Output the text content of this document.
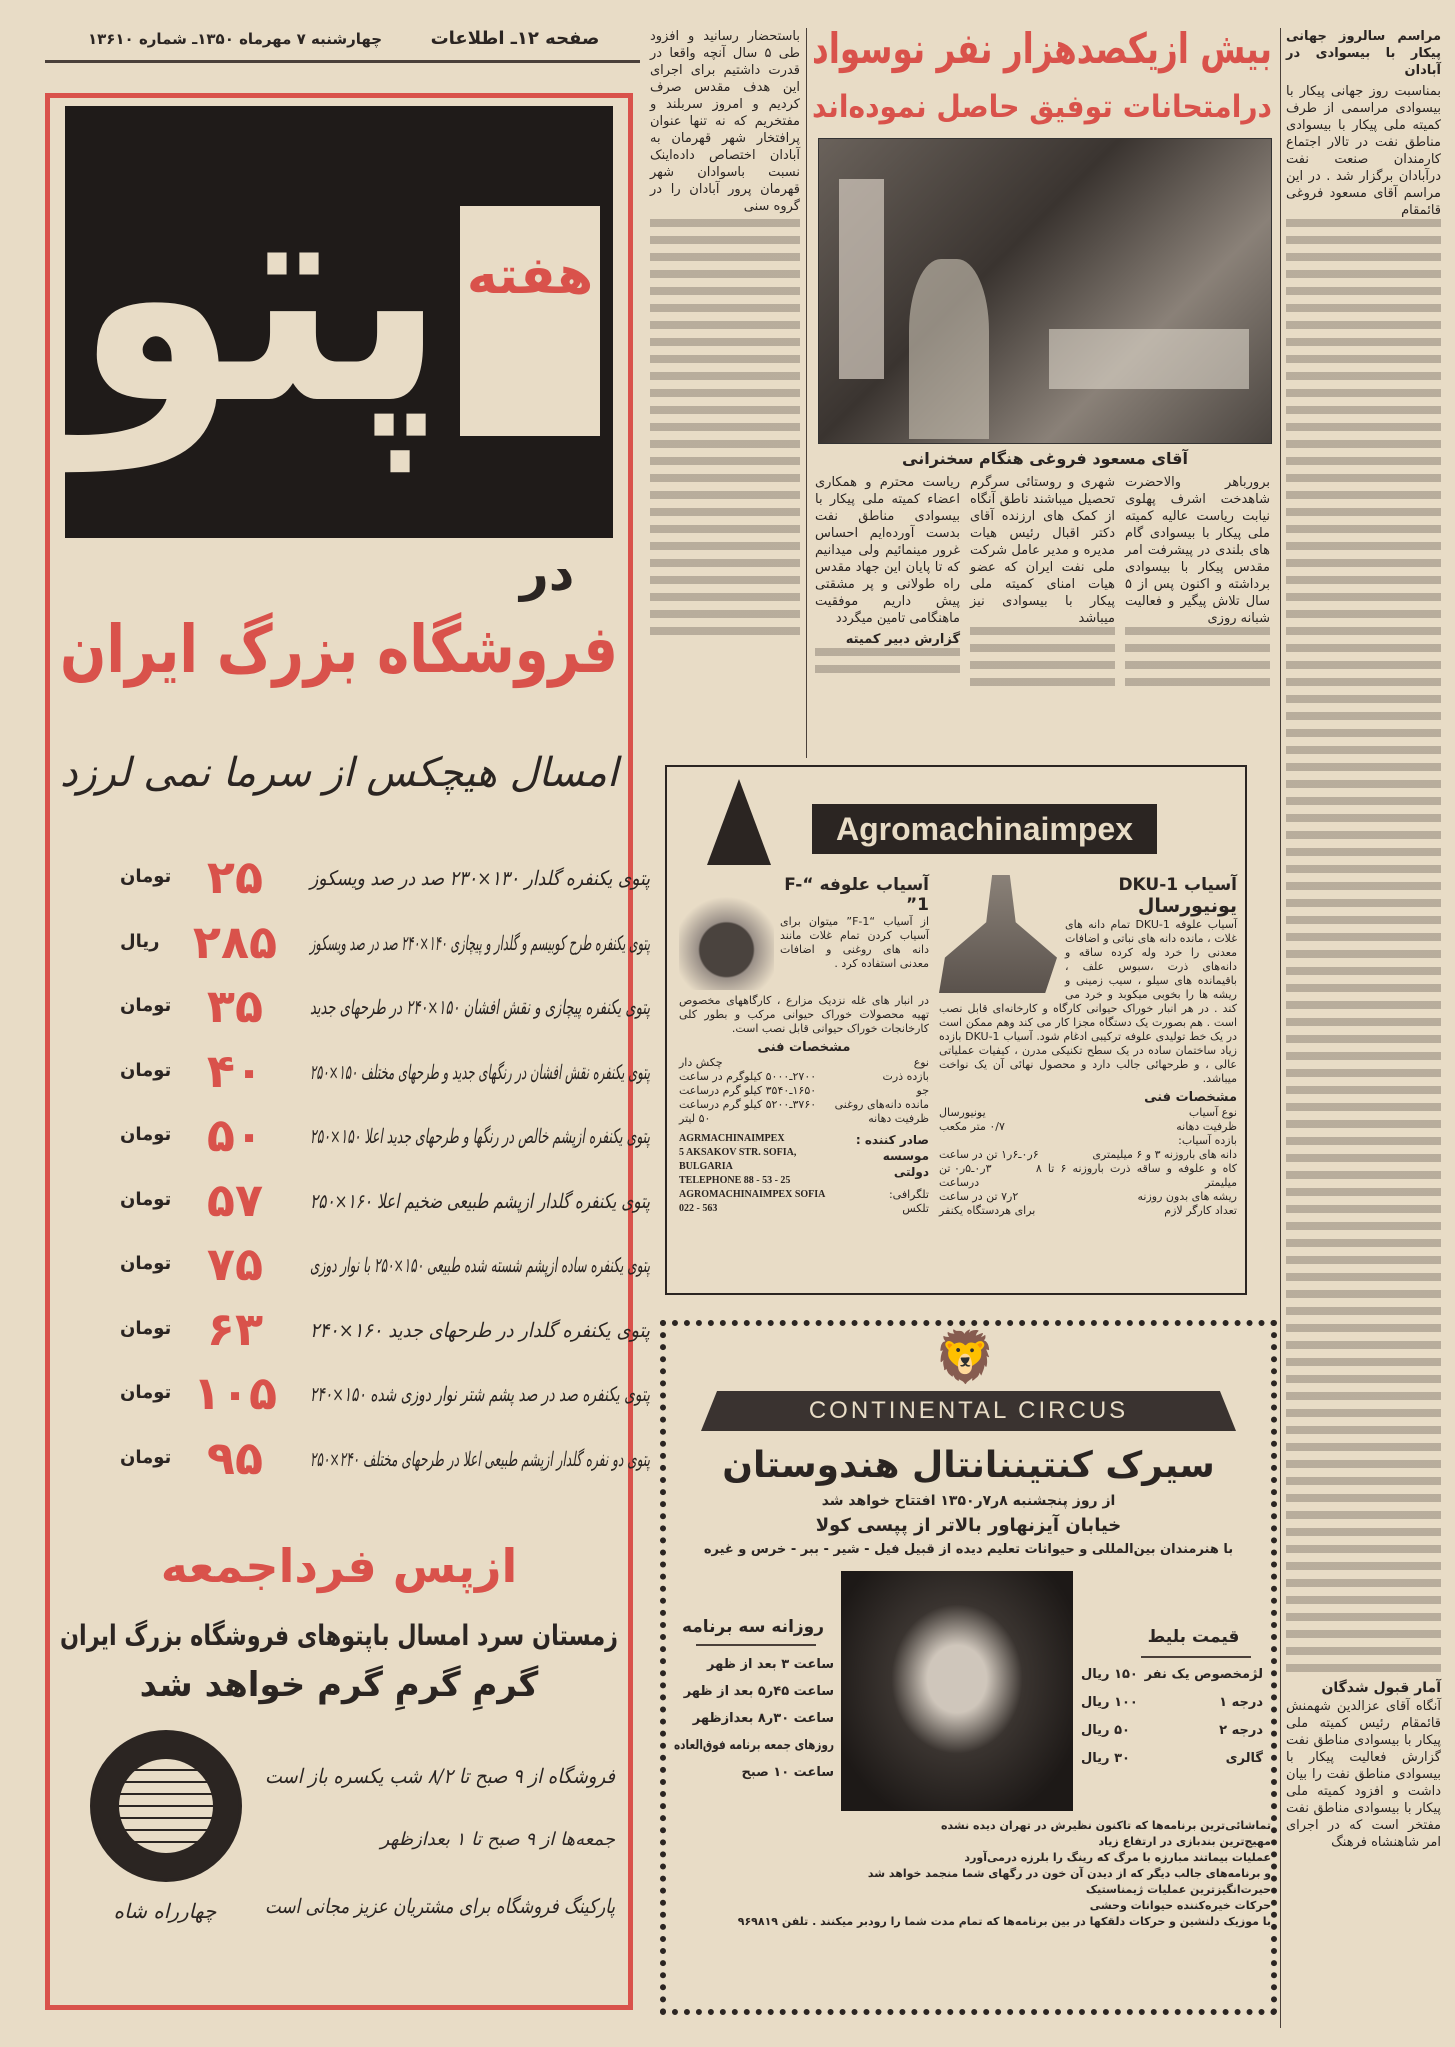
چهارشنبه ۷ مهرماه ۱۳۵۰ـ شماره ۱۳۶۱۰	صفحه ۱۲ـ اطلاعات
پتو هفته
در
فروشگاه بزرگ ایران
امسال هیچکس از سرما نمی لرزد
پتوی یکنفره گلدار ۱۳۰×۲۳۰ صد در صد ویسکوز
۲۵
تومان
پتوی یکنفره طرح کوبیسم و گلدار و پیچازی ۱۴۰×۲۴۰ صد در صد ویسکوز
۲۸۵
ریال
پتوی یکنفره پیچازی و نقش افشان ۱۵۰×۲۴۰ در طرحهای جدید
۳۵
تومان
پتوی یکنفره نقش افشان در رنگهای جدید و طرحهای مختلف ۱۵۰×۲۵۰
۴۰
تومان
پتوی یکنفره ازپشم خالص در رنگها و طرحهای جدید اعلا ۱۵۰×۲۵۰
۵۰
تومان
پتوی یکنفره گلدار ازپشم طبیعی ضخیم اعلا ۱۶۰×۲۵۰
۵۷
تومان
پتوی یکنفره ساده ازپشم شسته شده طبیعی ۱۵۰×۲۵۰ با نوار دوزی
۷۵
تومان
پتوی یکنفره گلدار در طرحهای جدید ۱۶۰×۲۴۰
۶۳
تومان
پتوی یکنفره صد در صد پشم شتر نوار دوزی شده ۱۵۰×۲۴۰
۱۰۵
تومان
پتوی دو نفره گلدار ازپشم طبیعی اعلا در طرحهای مختلف ۲۴۰×۲۵۰
۹۵
تومان
ازپس فرداجمعه
زمستان سرد امسال باپتوهای فروشگاه بزرگ ایران
گرمِ گرمِ گرم خواهد شد
چهارراه شاه
فروشگاه از ۹ صبح تا ۸/۲ شب یکسره باز است
جمعه‌ها از ۹ صبح تا ۱ بعدازظهر
پارکینگ فروشگاه برای مشتریان عزیز مجانی است
باستحضار رسانید و افزود طی ۵ سال آنچه واقعا در قدرت داشتیم برای اجرای این هدف مقدس صرف کردیم و امروز سربلند و مفتخریم که نه تنها عنوان پرافتخار شهر قهرمان به آبادان اختصاص داده‌اینک نسبت باسوادان شهر قهرمان پرور آبادان را در گروه سنی
بیش ازیکصدهزار نفر نوسواد
درامتحانات توفیق حاصل نموده‌اند
آقای مسعود فروغی هنگام سخنرانی
برورباهر والاحضرت شاهدخت اشرف پهلوی نیابت ریاست عالیه کمیته ملی پیکار با بیسوادی گام های بلندی در پیشرفت امر مقدس پیکار با بیسوادی برداشته و اکنون پس از ۵ سال تلاش پیگیر و فعالیت شبانه روزی
شهری و روستائی سرگرم تحصیل میباشند ناطق آنگاه از کمک های ارزنده آقای دکتر اقبال رئیس هیات مدیره و مدیر عامل شرکت ملی نفت ایران که عضو هیات امنای کمیته ملی پیکار با بیسوادی نیز میباشد
ریاست محترم و همکاری اعضاء کمیته ملی پیکار با بیسوادی مناطق نفت بدست آورده‌ایم احساس غرور مینمائیم ولی میدانیم که تا پایان این جهاد مقدس راه طولانی و پر مشقتی پیش داریم موفقیت ماهنگامی تامین میگردد
گزارش دبیر کمیته
Agromachinaimpex
آسیاب علوفه “F-1”
از آسیاب “F-1” میتوان برای آسیاب کردن تمام غلات مانند دانه های روغنی و اضافات معدنی استفاده کرد .
در انبار های غله نزدیک مزارع ، کارگاههای مخصوص تهیه محصولات خوراک حیوانی مرکب و بطور کلی کارخانجات خوراک حیوانی قابل نصب است.
مشخصات فنی
نوع
چکش دار
بازده ذرت
۲۷۰۰ـ۵۰۰۰ کیلوگرم در ساعت
جو
۱۶۵۰ـ۳۵۴۰ کیلو گرم درساعت
مانده دانه‌های روغنی
۳۷۶۰ـ۵۲۰۰ کیلو گرم درساعت
ظرفیت دهانه
۵۰ لیتر
AGRMACHINAIMPEX
5 AKSAKOV STR. SOFIA,
BULGARIA
TELEPHONE 88 - 53 - 25
AGROMACHINAIMPEX SOFIA
022 - 563
صادر کننده : موسسه دولتی
تلگرافی:
تلکس
آسیاب DKU-1
یونیورسال
آسیاب علوفه DKU-1 تمام دانه های غلات ، مانده دانه های نباتی و اضافات معدنی را خرد وله کرده ساقه و دانه‌های ذرت ،سبوس علف ، باقیمانده های سیلو ، سیب زمینی و ریشه ها را بخوبی میکوبد و خرد می کند . در هر انبار خوراک حیوانی کارگاه و کارخانه‌ای قابل نصب است . هم بصورت یک دستگاه مجزا کار می کند وهم ممکن است در یک خط تولیدی علوفه ترکیبی ادغام شود. آسیاب DKU-1 بازده زیاد ساختمان ساده در یک سطح تکنیکی مدرن ، کیفیات عملیاتی عالی ، و طرحهائی جالب دارد و محصول نهائی آن یک نواخت میباشد.
مشخصات فنی
نوع آسیاب
یونیورسال
ظرفیت دهانه
۰/۷ متر مکعب
بازده آسیاب:
دانه های باروزنه ۳ و ۶ میلیمتری
۶ر۰ـ۶ر۱ تن در ساعت
کاه و علوفه و ساقه ذرت باروزنه ۶ تا ۸ میلیمتر
۳ر۰ـ۵ر۰ تن درساعت
ریشه های بدون روزنه
۲ر۷ تن در ساعت
تعداد کارگر لازم
برای هردستگاه یکنفر
🦁
CONTINENTAL CIRCUS
سیرک کنتیننانتال هندوستان
از روز پنجشنبه ۸ر۷ر۱۳۵۰ افتتاح خواهد شد
خیابان آیزنهاور بالاتر از پپسی کولا
با هنرمندان بین‌المللی و حیوانات تعلیم دیده از قبیل فیل - شیر - ببر - خرس و غیره
روزانه سه برنامه
ساعت ۳ بعد از ظهر
ساعت ۴۵ر۵ بعد از ظهر
ساعت ۳۰ر۸ بعدازظهر
روزهای جمعه برنامه فوق‌العاده
ساعت ۱۰ صبح
قیمت بلیط
لژمخصوص یک نفر
۱۵۰ ریال
درجه ۱
۱۰۰ ریال
درجه ۲
۵۰ ریال
گالری
۳۰ ریال
تماشائی‌ترین برنامه‌ها که تاکنون نظیرش در تهران دیده نشده
مهیج‌ترین بندبازی در ارتفاع زیاد
عملیات بیماتند مبارزه با مرگ که رینگ را بلرزه درمی‌آورد
و برنامه‌های جالب دیگر که از دیدن آن خون در رگهای شما منجمد خواهد شد
حیرت‌انگیزترین عملیات ژیمناستیک
حرکات خیره‌کننده حیوانات وحشی
با موزیک دلنشین و حرکات دلقکها در بین برنامه‌ها که تمام مدت شما را رودبر میکنند . تلفن ۹۶۹۸۱۹
مراسم سالروز جهانی پیکار با بیسوادی در آبادان
بمناسبت روز جهانی پیکار با بیسوادی مراسمی از طرف کمیته ملی پیکار با بیسوادی مناطق نفت در تالار اجتماع کارمندان صنعت نفت درآبادان برگزار شد . در این مراسم آقای مسعود فروغی قائمقام
آمار قبول شدگان
آنگاه آقای عزالدین شهمنش قائمقام رئیس کمیته ملی پیکار با بیسوادی مناطق نفت گزارش فعالیت پیکار با بیسوادی مناطق نفت را بیان داشت و افزود کمیته ملی پیکار با بیسوادی مناطق نفت مفتخر است که در اجرای امر شاهنشاه فرهنگ
